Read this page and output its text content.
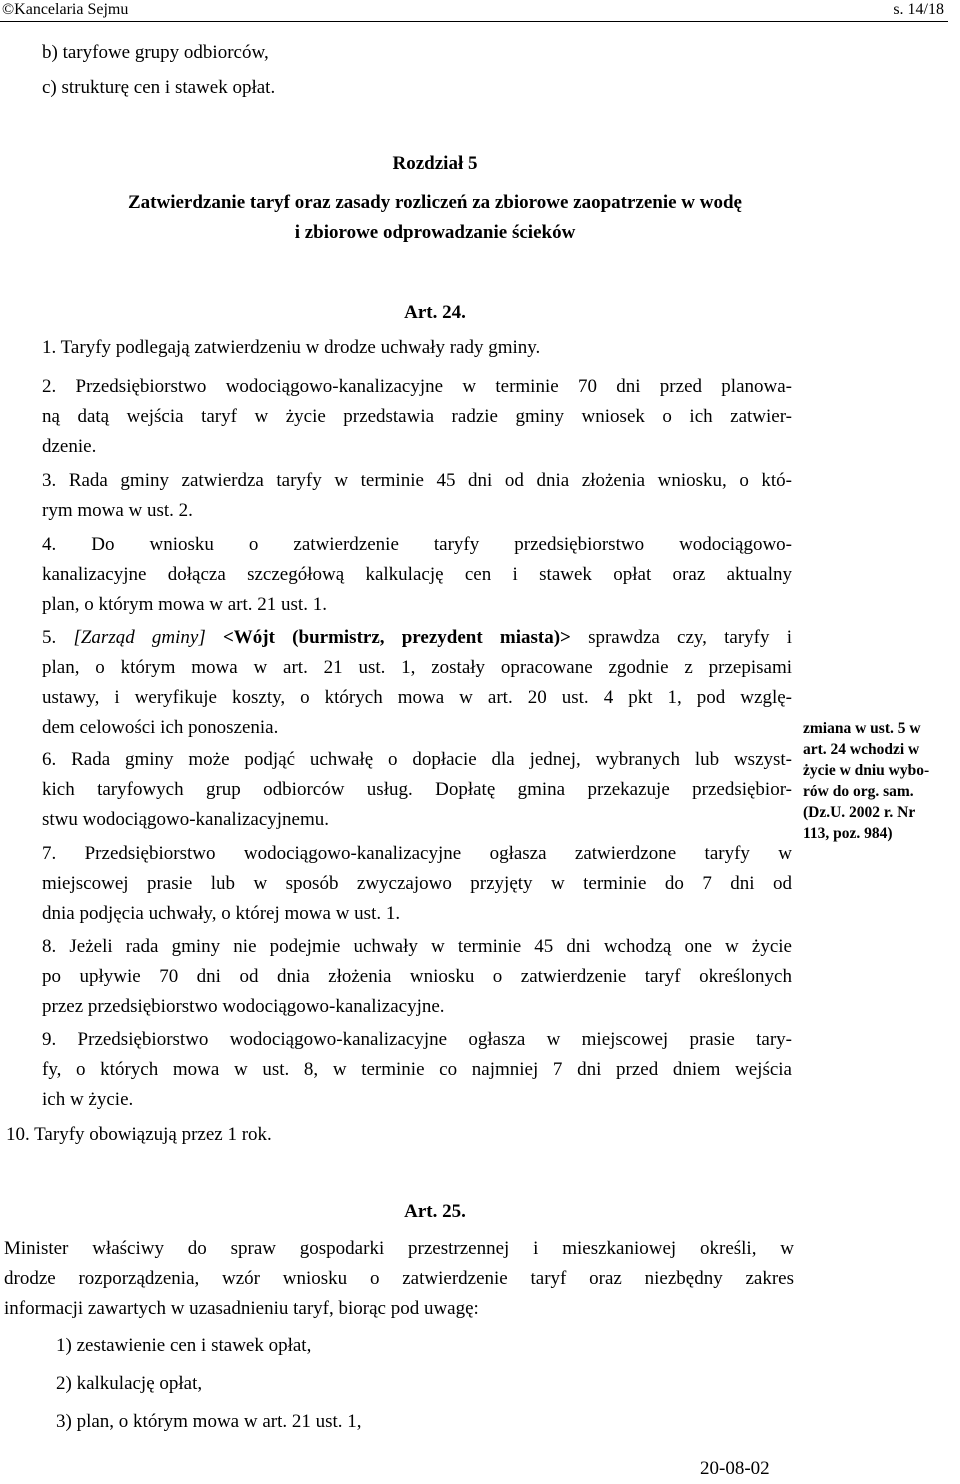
©Kancelaria Sejmu	s. 14/18
b) taryfowe grupy odbiorców,
c) strukturę cen i stawek opłat.
Rozdział 5
Zatwierdzanie taryf oraz zasady rozliczeń za zbiorowe zaopatrzenie w wodę
i zbiorowe odprowadzanie ścieków
Art. 24.
1. Taryfy podlegają zatwierdzeniu w drodze uchwały rady gminy.
2. Przedsiębiorstwo wodociągowo-kanalizacyjne w terminie 70 dni przed planowa-
ną datą wejścia taryf w życie przedstawia radzie gminy wniosek o ich zatwier-
dzenie.
3. Rada gminy zatwierdza taryfy w terminie 45 dni od dnia złożenia wniosku, o któ-
rym mowa w ust. 2.
4. Do wniosku o zatwierdzenie taryfy przedsiębiorstwo wodociągowo-
kanalizacyjne dołącza szczegółową kalkulację cen i stawek opłat oraz aktualny
plan, o którym mowa w art. 21 ust. 1.
5. [Zarząd gminy] <Wójt (burmistrz, prezydent miasta)> sprawdza czy, taryfy i
plan, o którym mowa w art. 21 ust. 1, zostały opracowane zgodnie z przepisami
ustawy, i weryfikuje koszty, o których mowa w art. 20 ust. 4 pkt 1, pod wzglę-
dem celowości ich ponoszenia.
6. Rada gminy może podjąć uchwałę o dopłacie dla jednej, wybranych lub wszyst-
kich taryfowych grup odbiorców usług. Dopłatę gmina przekazuje przedsiębior-
stwu wodociągowo-kanalizacyjnemu.
7. Przedsiębiorstwo wodociągowo-kanalizacyjne ogłasza zatwierdzone taryfy w
miejscowej prasie lub w sposób zwyczajowo przyjęty w terminie do 7 dni od
dnia podjęcia uchwały, o której mowa w ust. 1.
8. Jeżeli rada gminy nie podejmie uchwały w terminie 45 dni wchodzą one w życie
po upływie 70 dni od dnia złożenia wniosku o zatwierdzenie taryf określonych
przez przedsiębiorstwo wodociągowo-kanalizacyjne.
9. Przedsiębiorstwo wodociągowo-kanalizacyjne ogłasza w miejscowej prasie tary-
fy, o których mowa w ust. 8, w terminie co najmniej 7 dni przed dniem wejścia
ich w życie.
10. Taryfy obowiązują przez 1 rok.
zmiana w ust. 5 w
art. 24 wchodzi w
życie w dniu wybo-
rów do org. sam.
(Dz.U. 2002 r. Nr
113, poz. 984)
Art. 25.
Minister właściwy do spraw gospodarki przestrzennej i mieszkaniowej określi, w
drodze rozporządzenia, wzór wniosku o zatwierdzenie taryf oraz niezbędny zakres
informacji zawartych w uzasadnieniu taryf, biorąc pod uwagę:
1) zestawienie cen i stawek opłat,
2) kalkulację opłat,
3) plan, o którym mowa w art. 21 ust. 1,
20-08-02
